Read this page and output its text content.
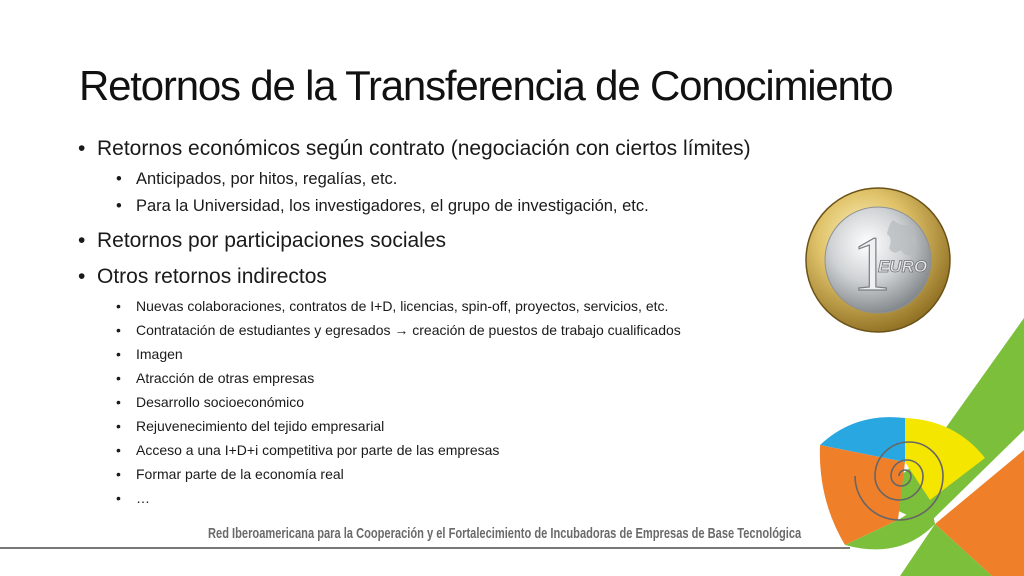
Retornos de la Transferencia de Conocimiento
• Retornos económicos según contrato (negociación con ciertos límites)
• Anticipados, por hitos, regalías, etc.
• Para la Universidad, los investigadores, el grupo de investigación, etc.
• Retornos por participaciones sociales
• Otros retornos indirectos
• Nuevas colaboraciones, contratos de I+D, licencias, spin-off, proyectos, servicios, etc.
• Contratación de estudiantes y egresados → creación de puestos de trabajo cualificados
• Imagen
• Atracción de otras empresas
• Desarrollo socioeconómico
• Rejuvenecimiento del tejido empresarial
• Acceso a una I+D+i competitiva por parte de las empresas
• Formar parte de la economía real
• …
1
EURO
Red Iberoamericana para la Cooperación y el Fortalecimiento de Incubadoras de Empresas de Base Tecnológica
